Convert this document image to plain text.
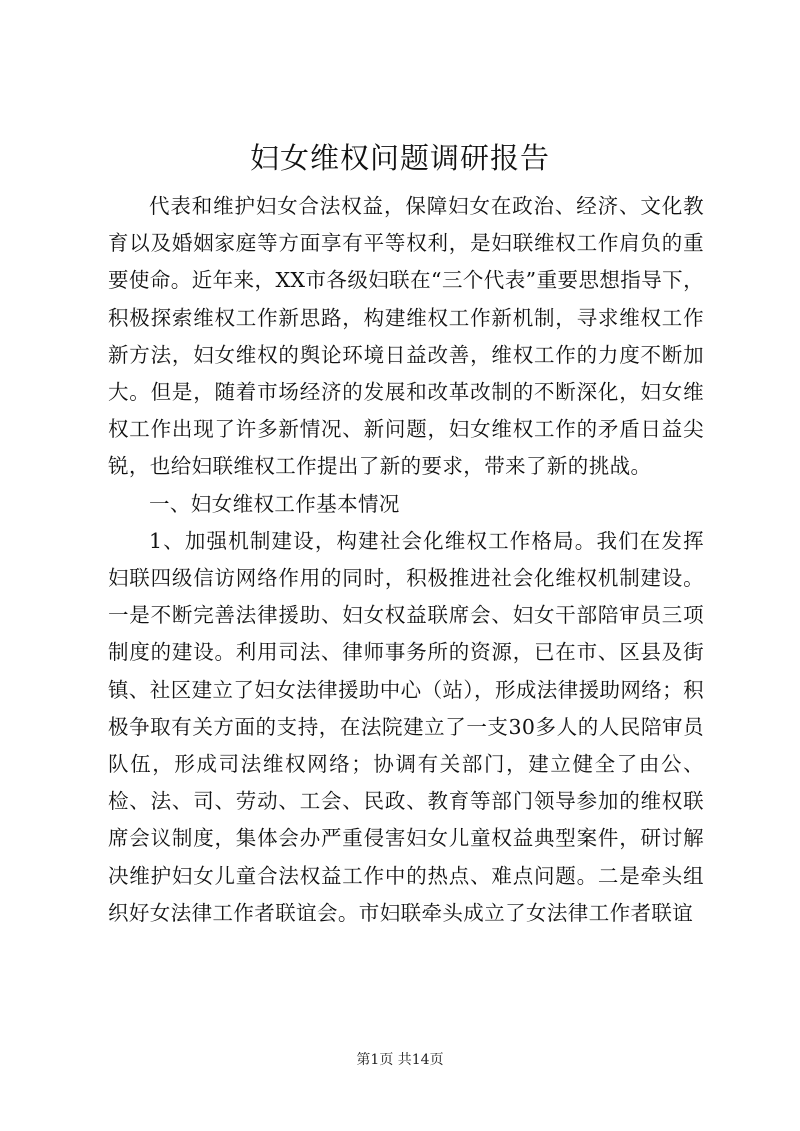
妇女维权问题调研报告

代表和维护妇女合法权益，保障妇女在政治、经济、文化教育以及婚姻家庭等方面享有平等权利，是妇联维权工作肩负的重要使命。近年来，XX市各级妇联在“三个代表”重要思想指导下，积极探索维权工作新思路，构建维权工作新机制，寻求维权工作新方法，妇女维权的舆论环境日益改善，维权工作的力度不断加大。但是，随着市场经济的发展和改革改制的不断深化，妇女维权工作出现了许多新情况、新问题，妇女维权工作的矛盾日益尖锐，也给妇联维权工作提出了新的要求，带来了新的挑战。

一、妇女维权工作基本情况

1、加强机制建设，构建社会化维权工作格局。我们在发挥妇联四级信访网络作用的同时，积极推进社会化维权机制建设。一是不断完善法律援助、妇女权益联席会、妇女干部陪审员三项制度的建设。利用司法、律师事务所的资源，已在市、区县及街镇、社区建立了妇女法律援助中心（站），形成法律援助网络；积极争取有关方面的支持，在法院建立了一支30多人的人民陪审员队伍，形成司法维权网络；协调有关部门，建立健全了由公、检、法、司、劳动、工会、民政、教育等部门领导参加的维权联席会议制度，集体会办严重侵害妇女儿童权益典型案件，研讨解决维护妇女儿童合法权益工作中的热点、难点问题。二是牵头组织好女法律工作者联谊会。市妇联牵头成立了女法律工作者联谊

第1页 共14页
